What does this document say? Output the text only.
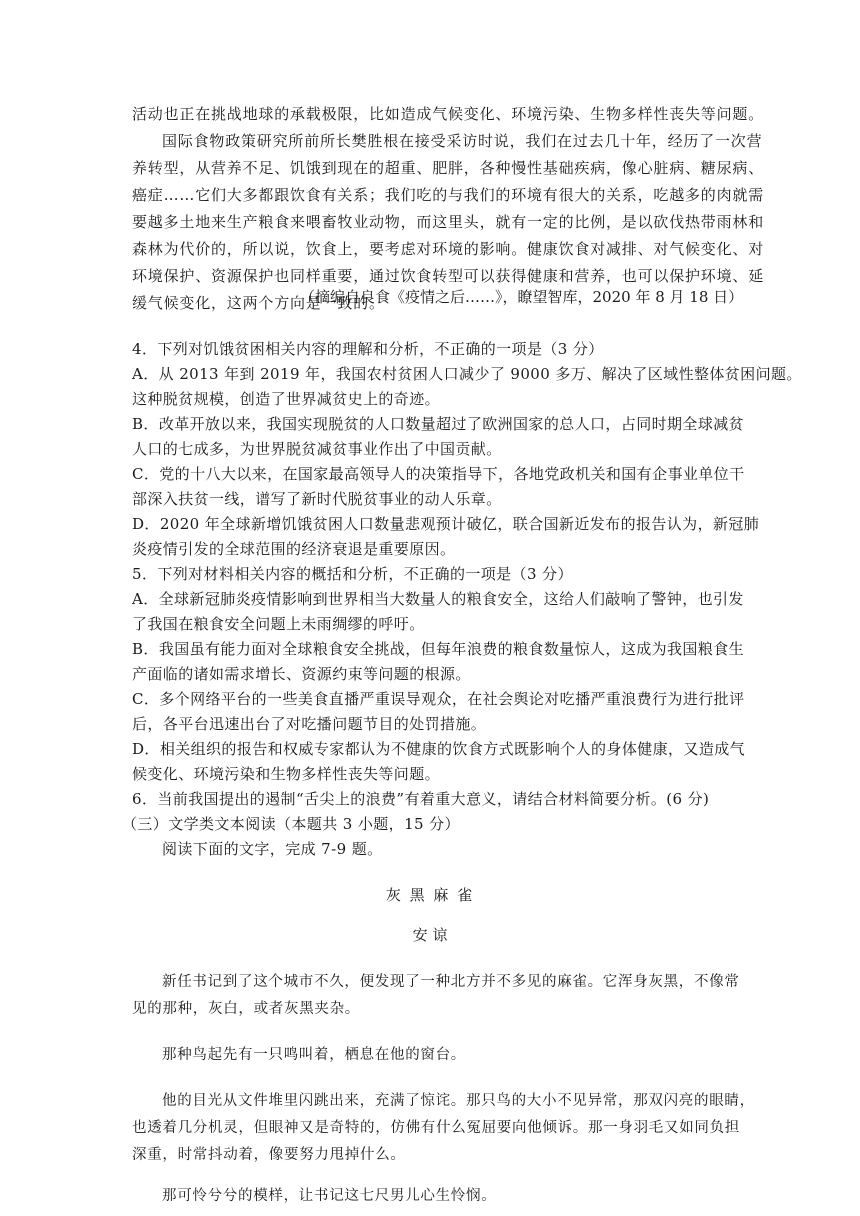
活动也正在挑战地球的承载极限，比如造成气候变化、环境污染、生物多样性丧失等问题。
国际食物政策研究所前所长樊胜根在接受采访时说，我们在过去几十年，经历了一次营
养转型，从营养不足、饥饿到现在的超重、肥胖，各种慢性基础疾病，像心脏病、糖尿病、
癌症……它们大多都跟饮食有关系；我们吃的与我们的环境有很大的关系，吃越多的肉就需
要越多土地来生产粮食来喂畜牧业动物，而这里头，就有一定的比例，是以砍伐热带雨林和
森林为代价的，所以说，饮食上，要考虑对环境的影响。健康饮食对减排、对气候变化、对
环境保护、资源保护也同样重要，通过饮食转型可以获得健康和营养，也可以保护环境、延
缓气候变化，这两个方向是一致的。
（摘编自良食《疫情之后……》，瞭望智库，2020 年 8 月 18 日）
4．下列对饥饿贫困相关内容的理解和分析，不正确的一项是（3 分）
A．从 2013 年到 2019 年，我国农村贫困人口减少了 9000 多万、解决了区域性整体贫困问题。
这种脱贫规模，创造了世界减贫史上的奇迹。
B．改革开放以来，我国实现脱贫的人口数量超过了欧洲国家的总人口，占同时期全球减贫
人口的七成多，为世界脱贫减贫事业作出了中国贡献。
C．党的十八大以来，在国家最高领导人的决策指导下，各地党政机关和国有企事业单位干
部深入扶贫一线，谱写了新时代脱贫事业的动人乐章。
D．2020 年全球新增饥饿贫困人口数量悲观预计破亿，联合国新近发布的报告认为，新冠肺
炎疫情引发的全球范围的经济衰退是重要原因。
5．下列对材料相关内容的概括和分析，不正确的一项是（3 分）
A．全球新冠肺炎疫情影响到世界相当大数量人的粮食安全，这给人们敲响了警钟，也引发
了我国在粮食安全问题上未雨绸缪的呼吁。
B．我国虽有能力面对全球粮食安全挑战，但每年浪费的粮食数量惊人，这成为我国粮食生
产面临的诸如需求增长、资源约束等问题的根源。
C．多个网络平台的一些美食直播严重误导观众，在社会舆论对吃播严重浪费行为进行批评
后，各平台迅速出台了对吃播问题节目的处罚措施。
D．相关组织的报告和权威专家都认为不健康的饮食方式既影响个人的身体健康，又造成气
候变化、环境污染和生物多样性丧失等问题。
6．当前我国提出的遏制“舌尖上的浪费”有着重大意义，请结合材料简要分析。(6 分)
（三）文学类文本阅读（本题共 3 小题，15 分）
阅读下面的文字，完成 7-9 题。
灰 黑 麻 雀
安 谅
新任书记到了这个城市不久，便发现了一种北方并不多见的麻雀。它浑身灰黑，不像常
见的那种，灰白，或者灰黑夹杂。
那种鸟起先有一只鸣叫着，栖息在他的窗台。
他的目光从文件堆里闪跳出来，充满了惊诧。那只鸟的大小不见异常，那双闪亮的眼睛，
也透着几分机灵，但眼神又是奇特的，仿佛有什么冤屈要向他倾诉。那一身羽毛又如同负担
深重，时常抖动着，像要努力甩掉什么。
那可怜兮兮的模样，让书记这七尺男儿心生怜悯。
